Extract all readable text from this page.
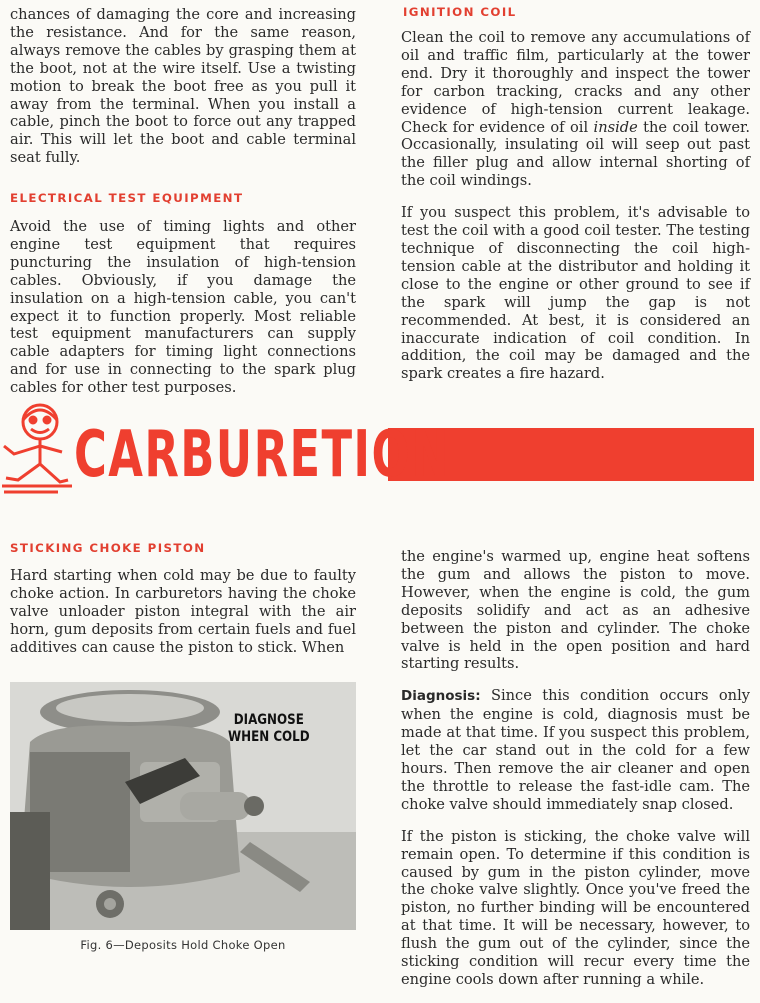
chances of damaging the core and increasing the resistance. And for the same reason, always remove the cables by grasping them at the boot, not at the wire itself. Use a twisting motion to break the boot free as you pull it away from the terminal. When you install a cable, pinch the boot to force out any trapped air. This will let the boot and cable terminal seat fully.

ELECTRICAL TEST EQUIPMENT

Avoid the use of timing lights and other engine test equipment that requires puncturing the insulation of high-tension cables. Obviously, if you damage the insulation on a high-tension cable, you can't expect it to function properly. Most reliable test equipment manufacturers can supply cable adapters for timing light connections and for use in connecting to the spark plug cables for other test purposes.

IGNITION COIL

Clean the coil to remove any accumulations of oil and traffic film, particularly at the tower end. Dry it thoroughly and inspect the tower for carbon tracking, cracks and any other evidence of high-tension current leakage. Check for evidence of oil inside the coil tower. Occasionally, insulating oil will seep out past the filler plug and allow internal shorting of the coil windings.

If you suspect this problem, it's advisable to test the coil with a good coil tester. The testing technique of disconnecting the coil high-tension cable at the distributor and holding it close to the engine or other ground to see if the spark will jump the gap is not recommended. At best, it is considered an inaccurate indication of coil condition. In addition, the coil may be damaged and the spark creates a fire hazard.

CARBURETION
STICKING CHOKE PISTON

Hard starting when cold may be due to faulty choke action. In carburetors having the choke valve unloader piston integral with the air horn, gum deposits from certain fuels and fuel additives can cause the piston to stick. When

DIAGNOSE
WHEN COLD
Fig. 6—Deposits Hold Choke Open

the engine's warmed up, engine heat softens the gum and allows the piston to move. However, when the engine is cold, the gum deposits solidify and act as an adhesive between the piston and cylinder. The choke valve is held in the open position and hard starting results.

Diagnosis: Since this condition occurs only when the engine is cold, diagnosis must be made at that time. If you suspect this problem, let the car stand out in the cold for a few hours. Then remove the air cleaner and open the throttle to release the fast-idle cam. The choke valve should immediately snap closed.

If the piston is sticking, the choke valve will remain open. To determine if this condition is caused by gum in the piston cylinder, move the choke valve slightly. Once you've freed the piston, no further binding will be encountered at that time. It will be necessary, however, to flush the gum out of the cylinder, since the sticking condition will recur every time the engine cools down after running a while.
